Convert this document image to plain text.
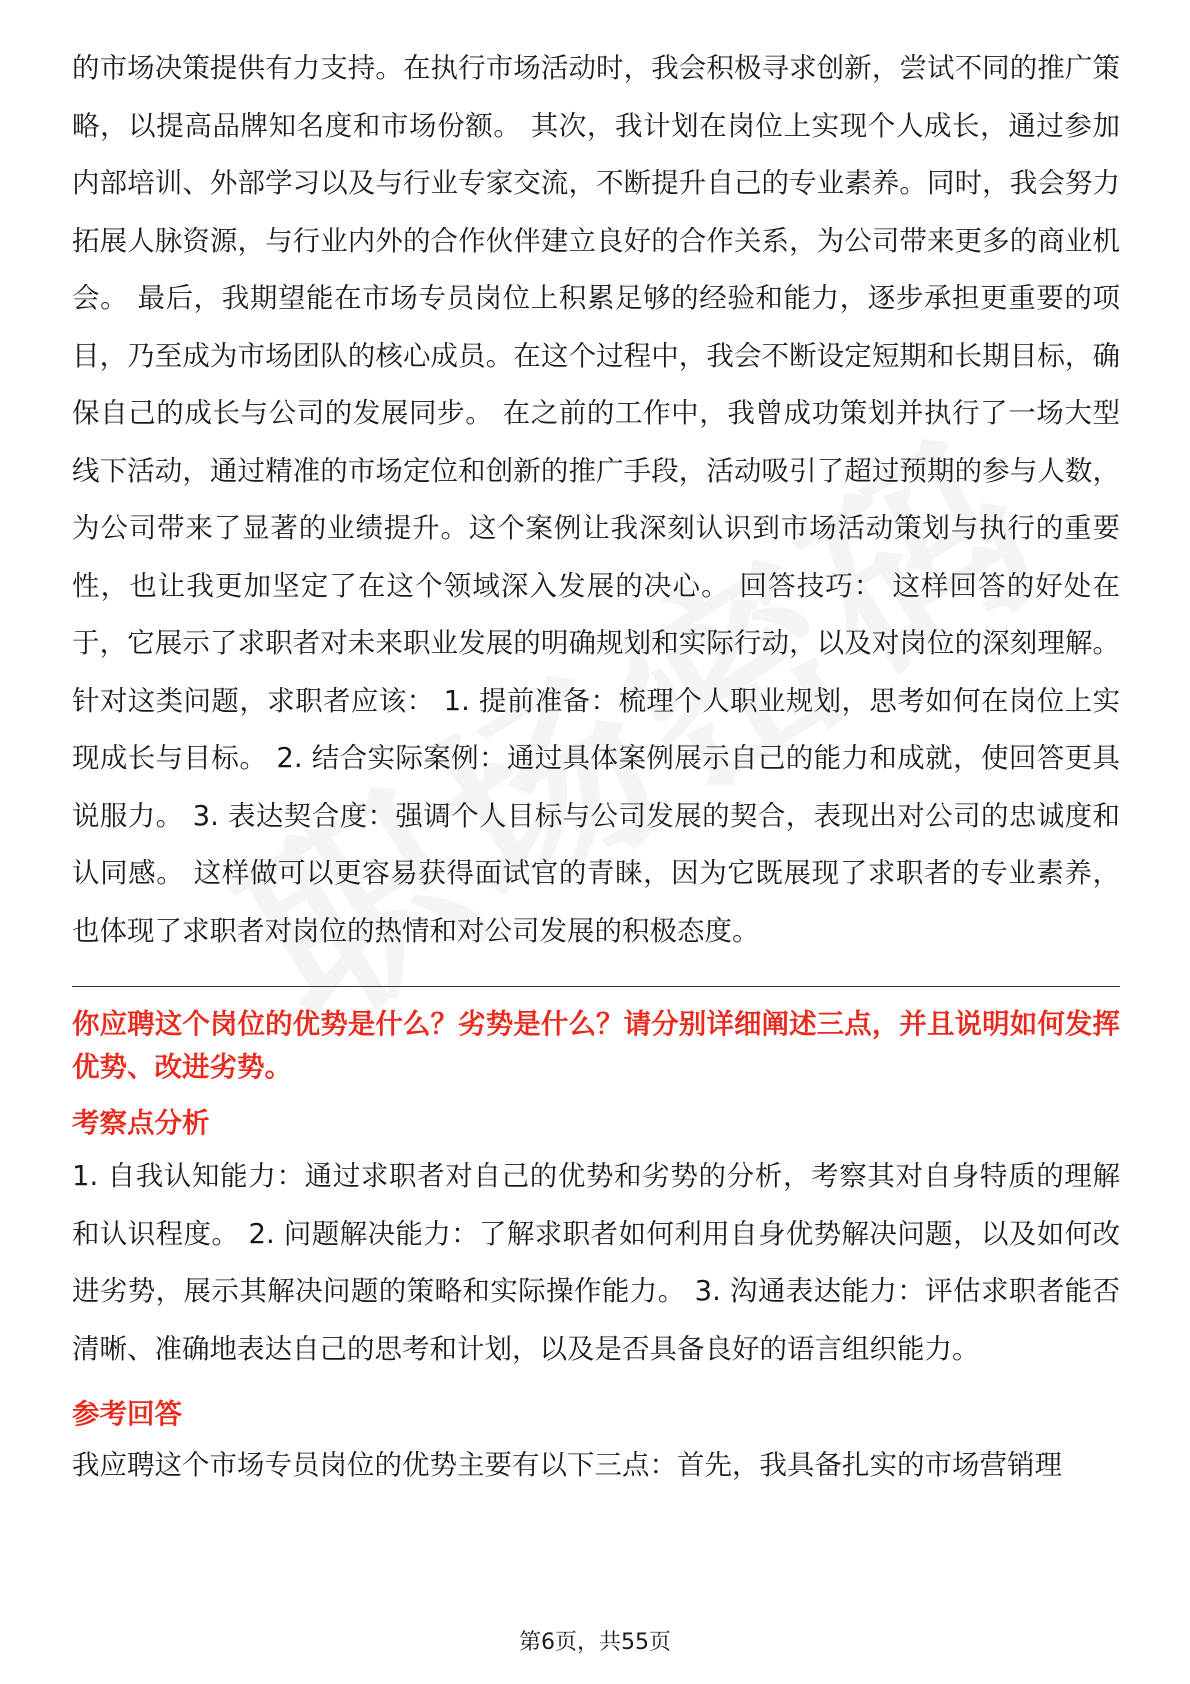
的市场决策提供有力支持。在执行市场活动时，我会积极寻求创新，尝试不同的推广策略，以提高品牌知名度和市场份额。 其次，我计划在岗位上实现个人成长，通过参加内部培训、外部学习以及与行业专家交流，不断提升自己的专业素养。同时，我会努力拓展人脉资源，与行业内外的合作伙伴建立良好的合作关系，为公司带来更多的商业机会。 最后，我期望能在市场专员岗位上积累足够的经验和能力，逐步承担更重要的项目，乃至成为市场团队的核心成员。在这个过程中，我会不断设定短期和长期目标，确保自己的成长与公司的发展同步。 在之前的工作中，我曾成功策划并执行了一场大型线下活动，通过精准的市场定位和创新的推广手段，活动吸引了超过预期的参与人数，为公司带来了显著的业绩提升。这个案例让我深刻认识到市场活动策划与执行的重要性，也让我更加坚定了在这个领域深入发展的决心。 回答技巧： 这样回答的好处在于，它展示了求职者对未来职业发展的明确规划和实际行动，以及对岗位的深刻理解。针对这类问题，求职者应该： 1. 提前准备：梳理个人职业规划，思考如何在岗位上实现成长与目标。 2. 结合实际案例：通过具体案例展示自己的能力和成就，使回答更具说服力。 3. 表达契合度：强调个人目标与公司发展的契合，表现出对公司的忠诚度和认同感。 这样做可以更容易获得面试官的青睐，因为它既展现了求职者的专业素养，也体现了求职者对岗位的热情和对公司发展的积极态度。

你应聘这个岗位的优势是什么？劣势是什么？请分别详细阐述三点，并且说明如何发挥优势、改进劣势。
考察点分析

1. 自我认知能力：通过求职者对自己的优势和劣势的分析，考察其对自身特质的理解和认识程度。 2. 问题解决能力：了解求职者如何利用自身优势解决问题，以及如何改进劣势，展示其解决问题的策略和实际操作能力。 3. 沟通表达能力：评估求职者能否清晰、准确地表达自己的思考和计划，以及是否具备良好的语言组织能力。

参考回答

我应聘这个市场专员岗位的优势主要有以下三点：首先，我具备扎实的市场营销理

第6页，共55页
